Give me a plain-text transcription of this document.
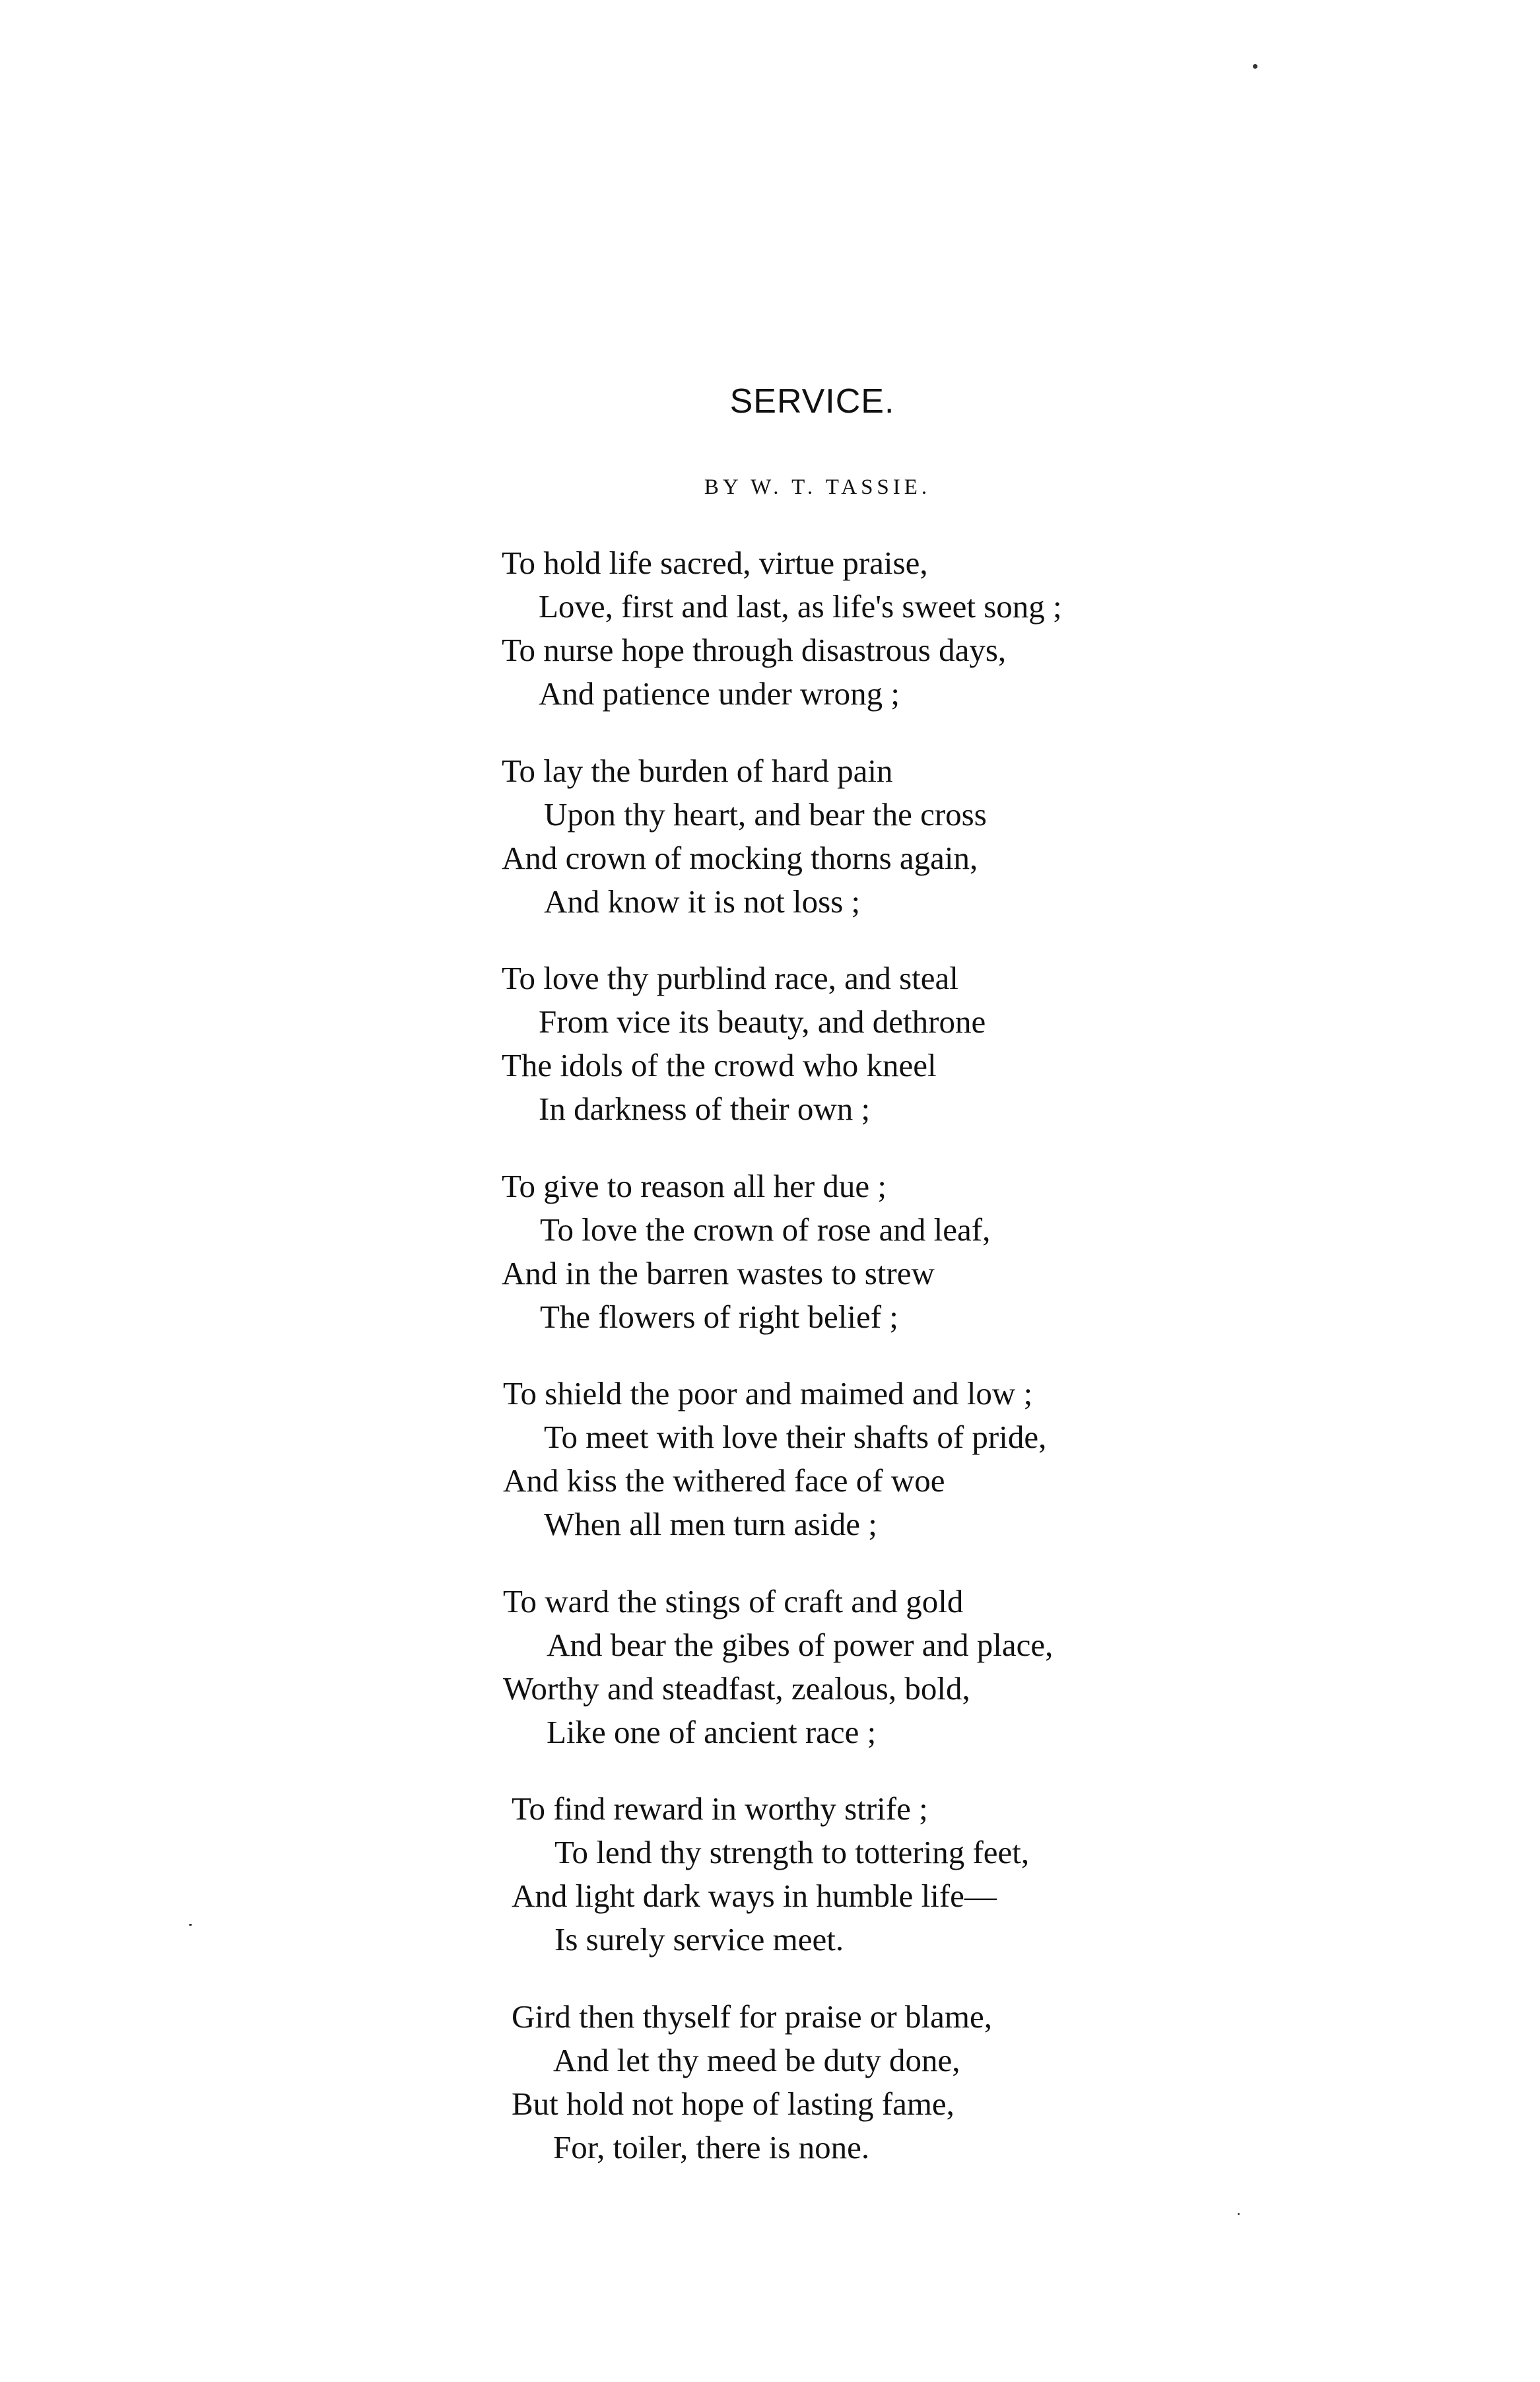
SERVICE.
BY W. T. TASSIE.
To hold life sacred, virtue praise,
Love, first and last, as life's sweet song ;
To nurse hope through disastrous days,
And patience under wrong ;
To lay the burden of hard pain
Upon thy heart, and bear the cross
And crown of mocking thorns again,
And know it is not loss ;
To love thy purblind race, and steal
From vice its beauty, and dethrone
The idols of the crowd who kneel
In darkness of their own ;
To give to reason all her due ;
To love the crown of rose and leaf,
And in the barren wastes to strew
The flowers of right belief ;
To shield the poor and maimed and low ;
To meet with love their shafts of pride,
And kiss the withered face of woe
When all men turn aside ;
To ward the stings of craft and gold
And bear the gibes of power and place,
Worthy and steadfast, zealous, bold,
Like one of ancient race ;
To find reward in worthy strife ;
To lend thy strength to tottering feet,
And light dark ways in humble life—
Is surely service meet.
Gird then thyself for praise or blame,
And let thy meed be duty done,
But hold not hope of lasting fame,
For, toiler, there is none.
